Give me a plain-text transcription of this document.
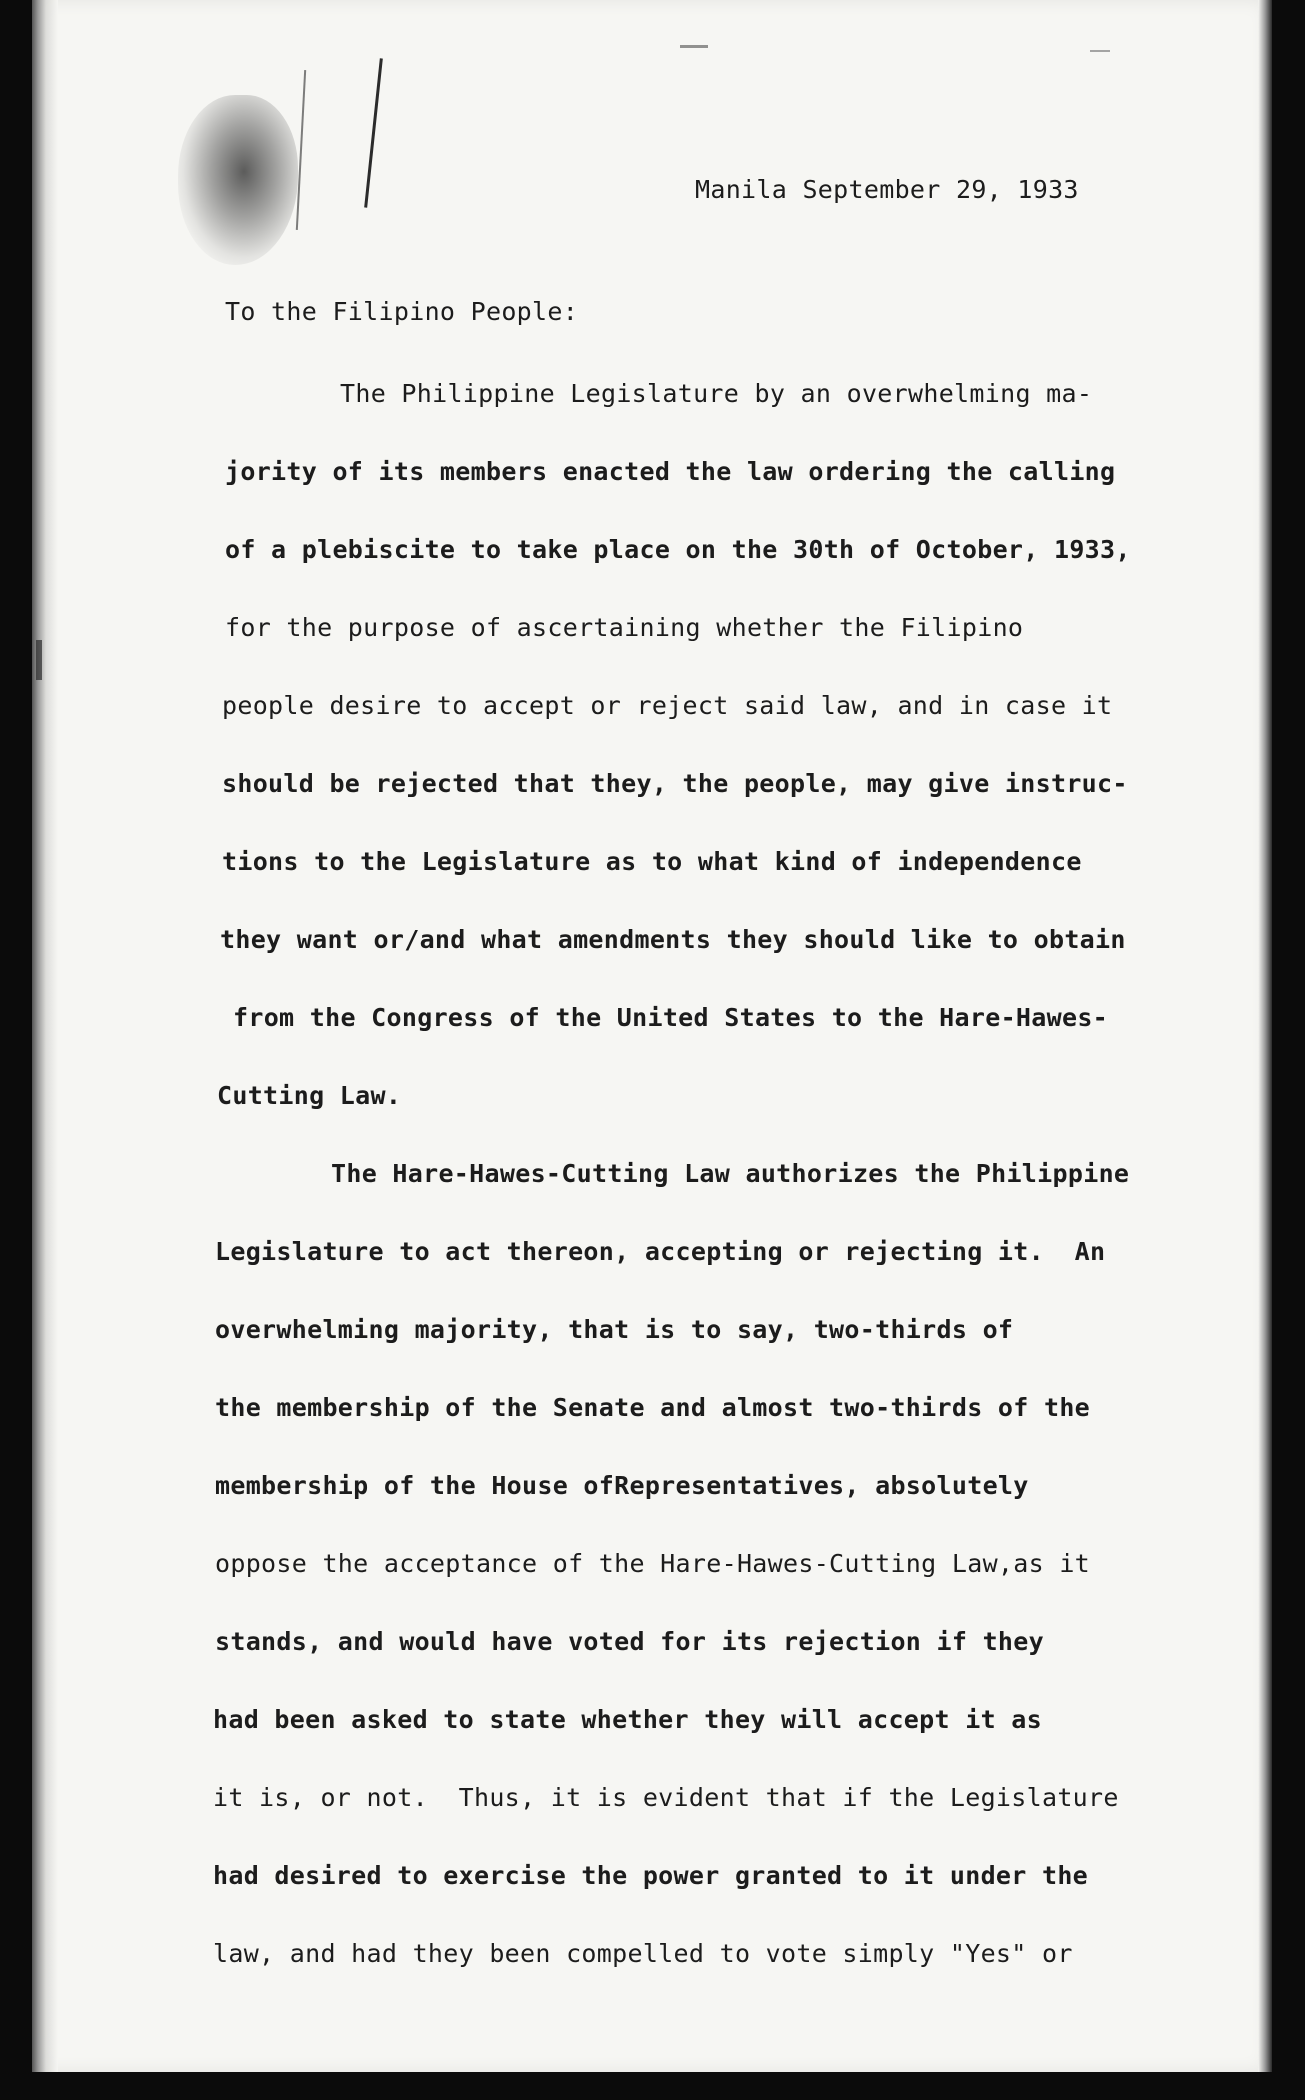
Manila September 29, 1933
To the Filipino People:
The Philippine Legislature by an overwhelming ma-
jority of its members enacted the law ordering the calling
of a plebiscite to take place on the 30th of October, 1933,
for the purpose of ascertaining whether the Filipino
people desire to accept or reject said law, and in case it
should be rejected that they, the people, may give instruc-
tions to the Legislature as to what kind of independence
they want or/and what amendments they should like to obtain
from the Congress of the United States to the Hare-Hawes-
Cutting Law.
The Hare-Hawes-Cutting Law authorizes the Philippine
Legislature to act thereon, accepting or rejecting it.  An
overwhelming majority, that is to say, two-thirds of
the membership of the Senate and almost two-thirds of the
membership of the House ofRepresentatives, absolutely
oppose the acceptance of the Hare-Hawes-Cutting Law,as it
stands, and would have voted for its rejection if they
had been asked to state whether they will accept it as
it is, or not.  Thus, it is evident that if the Legislature
had desired to exercise the power granted to it under the
law, and had they been compelled to vote simply "Yes" or
